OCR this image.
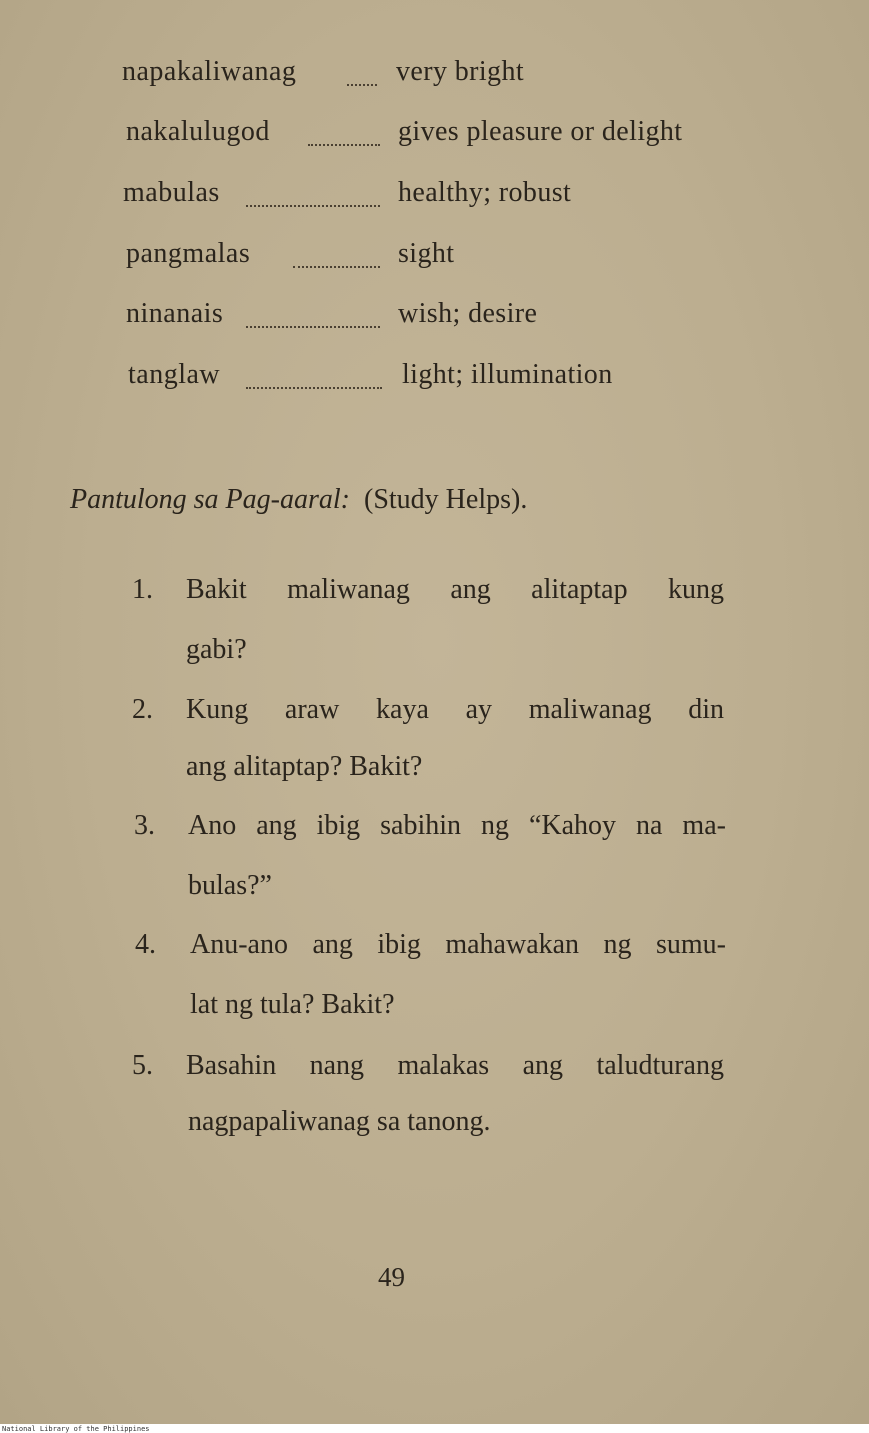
napakaliwanag	very bright
nakalulugod	gives pleasure or delight
mabulas	healthy; robust
pangmalas	sight
ninanais	wish; desire
tanglaw	light; illumination
Pantulong sa Pag-aaral: (Study Helps).
1. Bakit maliwanag ang alitaptap kung
gabi?
2. Kung araw kaya ay maliwanag din
ang alitaptap? Bakit?
3. Ano ang ibig sabihin ng “Kahoy na ma-
bulas?”
4. Anu-ano ang ibig mahawakan ng sumu-
lat ng tula? Bakit?
5. Basahin nang malakas ang taludturang
nagpapaliwanag sa tanong.
49
National Library of the Philippines
